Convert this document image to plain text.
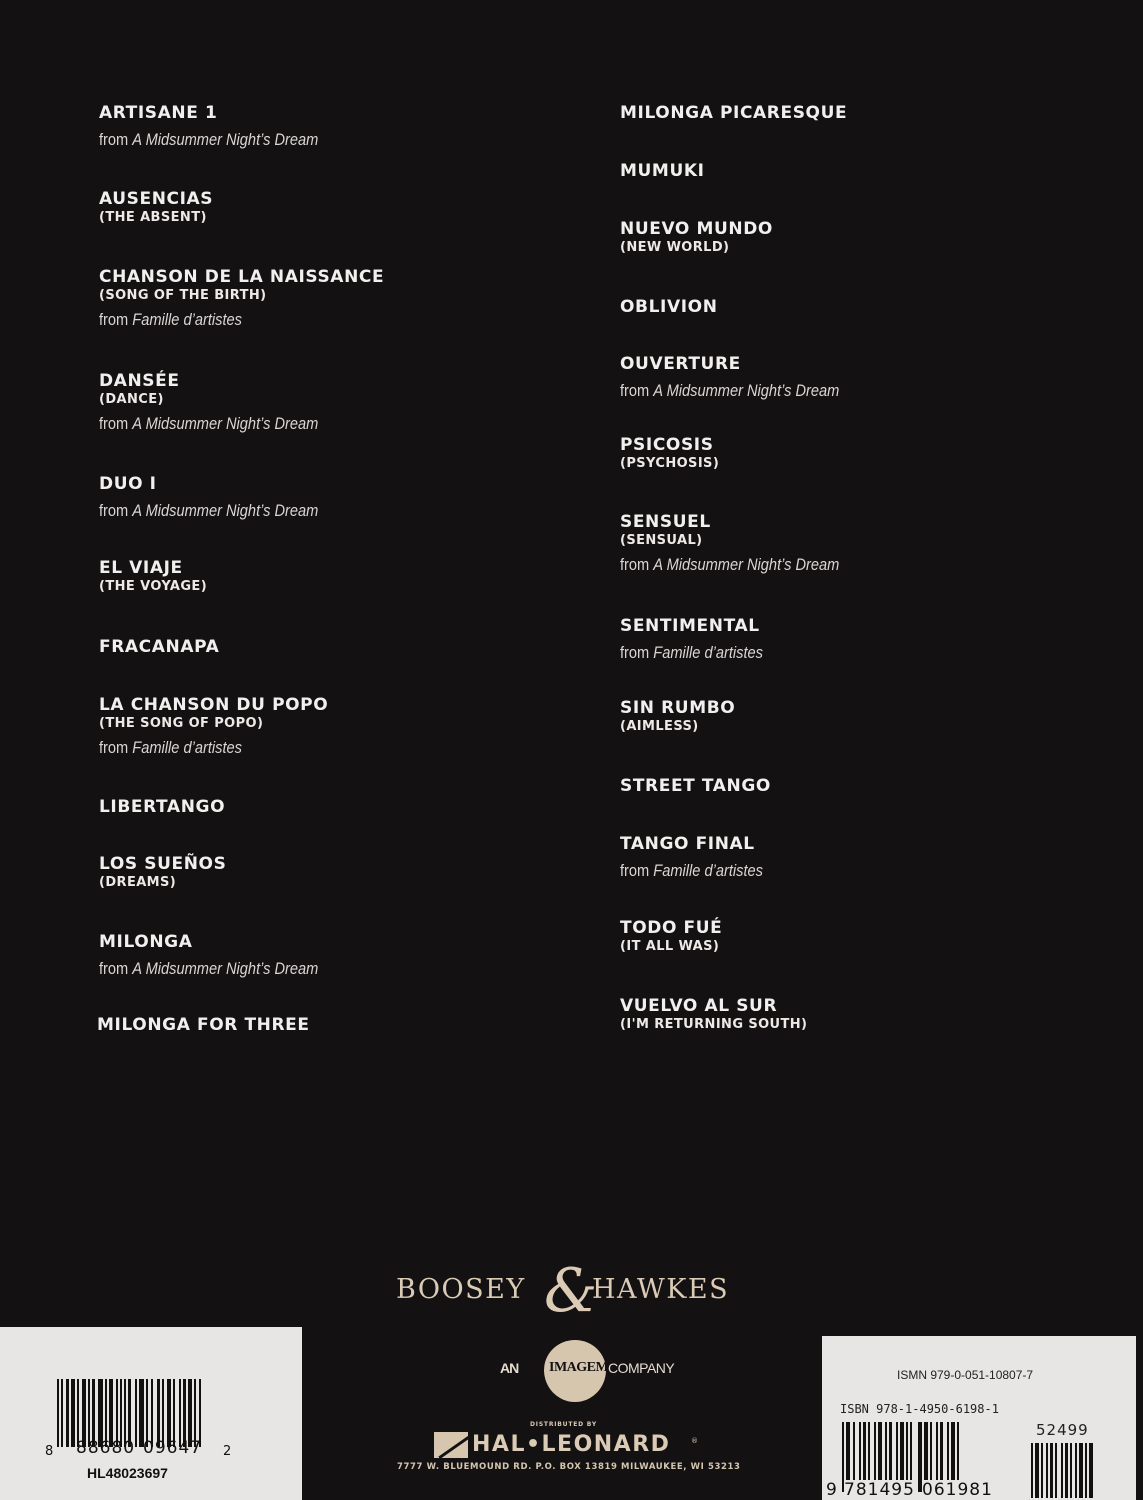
ARTISANE 1
from A Midsummer Night’s Dream
AUSENCIAS
(THE ABSENT)
CHANSON DE LA NAISSANCE
(SONG OF THE BIRTH)
from Famille d’artistes
DANSÉE
(DANCE)
from A Midsummer Night’s Dream
DUO I
from A Midsummer Night’s Dream
EL VIAJE
(THE VOYAGE)
FRACANAPA
LA CHANSON DU POPO
(THE SONG OF POPO)
from Famille d’artistes
LIBERTANGO
LOS SUEÑOS
(DREAMS)
MILONGA
from A Midsummer Night’s Dream
MILONGA FOR THREE
MILONGA PICARESQUE
MUMUKI
NUEVO MUNDO
(NEW WORLD)
OBLIVION
OUVERTURE
from A Midsummer Night’s Dream
PSICOSIS
(PSYCHOSIS)
SENSUEL
(SENSUAL)
from A Midsummer Night’s Dream
SENTIMENTAL
from Famille d’artistes
SIN RUMBO
(AIMLESS)
STREET TANGO
TANGO FINAL
from Famille d’artistes
TODO FUÉ
(IT ALL WAS)
VUELVO AL SUR
(I'M RETURNING SOUTH)
BOOSEY &
HAWKES
AN IMAGEM COMPANY
DISTRIBUTED BY
HAL•LEONARD	®
7777 W. BLUEMOUND RD. P.O. BOX 13819 MILWAUKEE, WI 53213
8 88680 09647 2
HL48023697
ISMN 979-0-051-10807-7
ISBN 978-1-4950-6198-1
52499
9 781495 061981
